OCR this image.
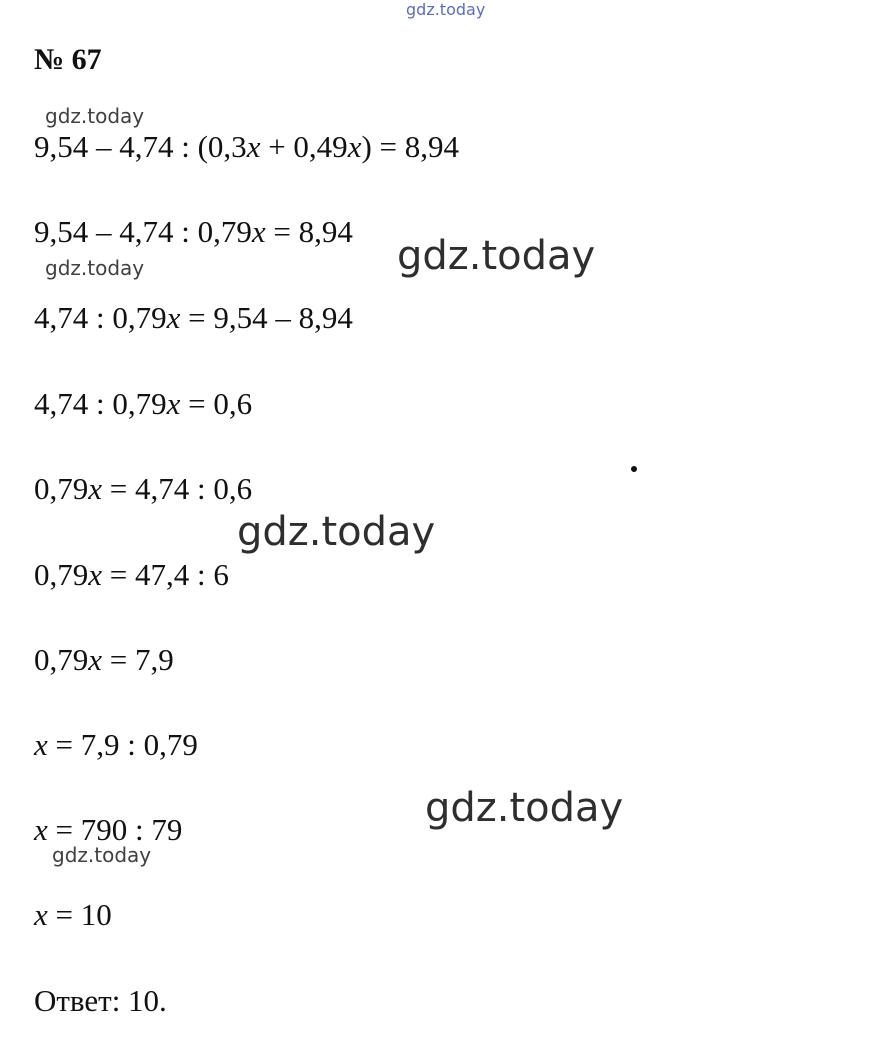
gdz.today
№ 67
gdz.today
9,54 – 4,74 : (0,3x + 0,49x) = 8,94
9,54 – 4,74 : 0,79x = 8,94
gdz.today
gdz.today
4,74 : 0,79x = 9,54 – 8,94
4,74 : 0,79x = 0,6
0,79x = 4,74 : 0,6
gdz.today
0,79x = 47,4 : 6
0,79x = 7,9
x = 7,9 : 0,79
gdz.today
x = 790 : 79
gdz.today
x = 10
Ответ: 10.
